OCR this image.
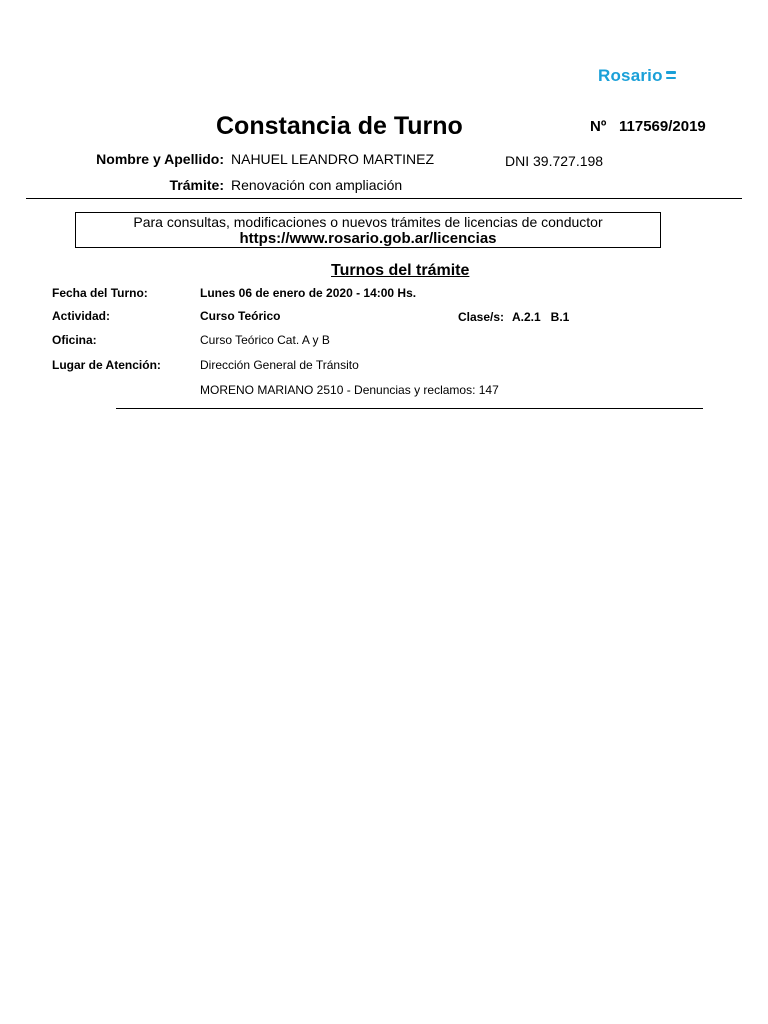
Rosario
Constancia de Turno	Nº 117569/2019
Nombre y Apellido: NAHUEL LEANDRO MARTINEZ	DNI 39.727.198
Trámite: Renovación con ampliación
Para consultas, modificaciones o nuevos trámites de licencias de conductor
https://www.rosario.gob.ar/licencias
Turnos del trámite
Fecha del Turno:	Lunes 06 de enero de 2020 - 14:00 Hs.
Actividad:	Curso Teórico	Clase/s: A.2.1   B.1
Oficina:	Curso Teórico Cat. A y B
Lugar de Atención:	Dirección General de Tránsito
MORENO MARIANO 2510 - Denuncias y reclamos: 147
